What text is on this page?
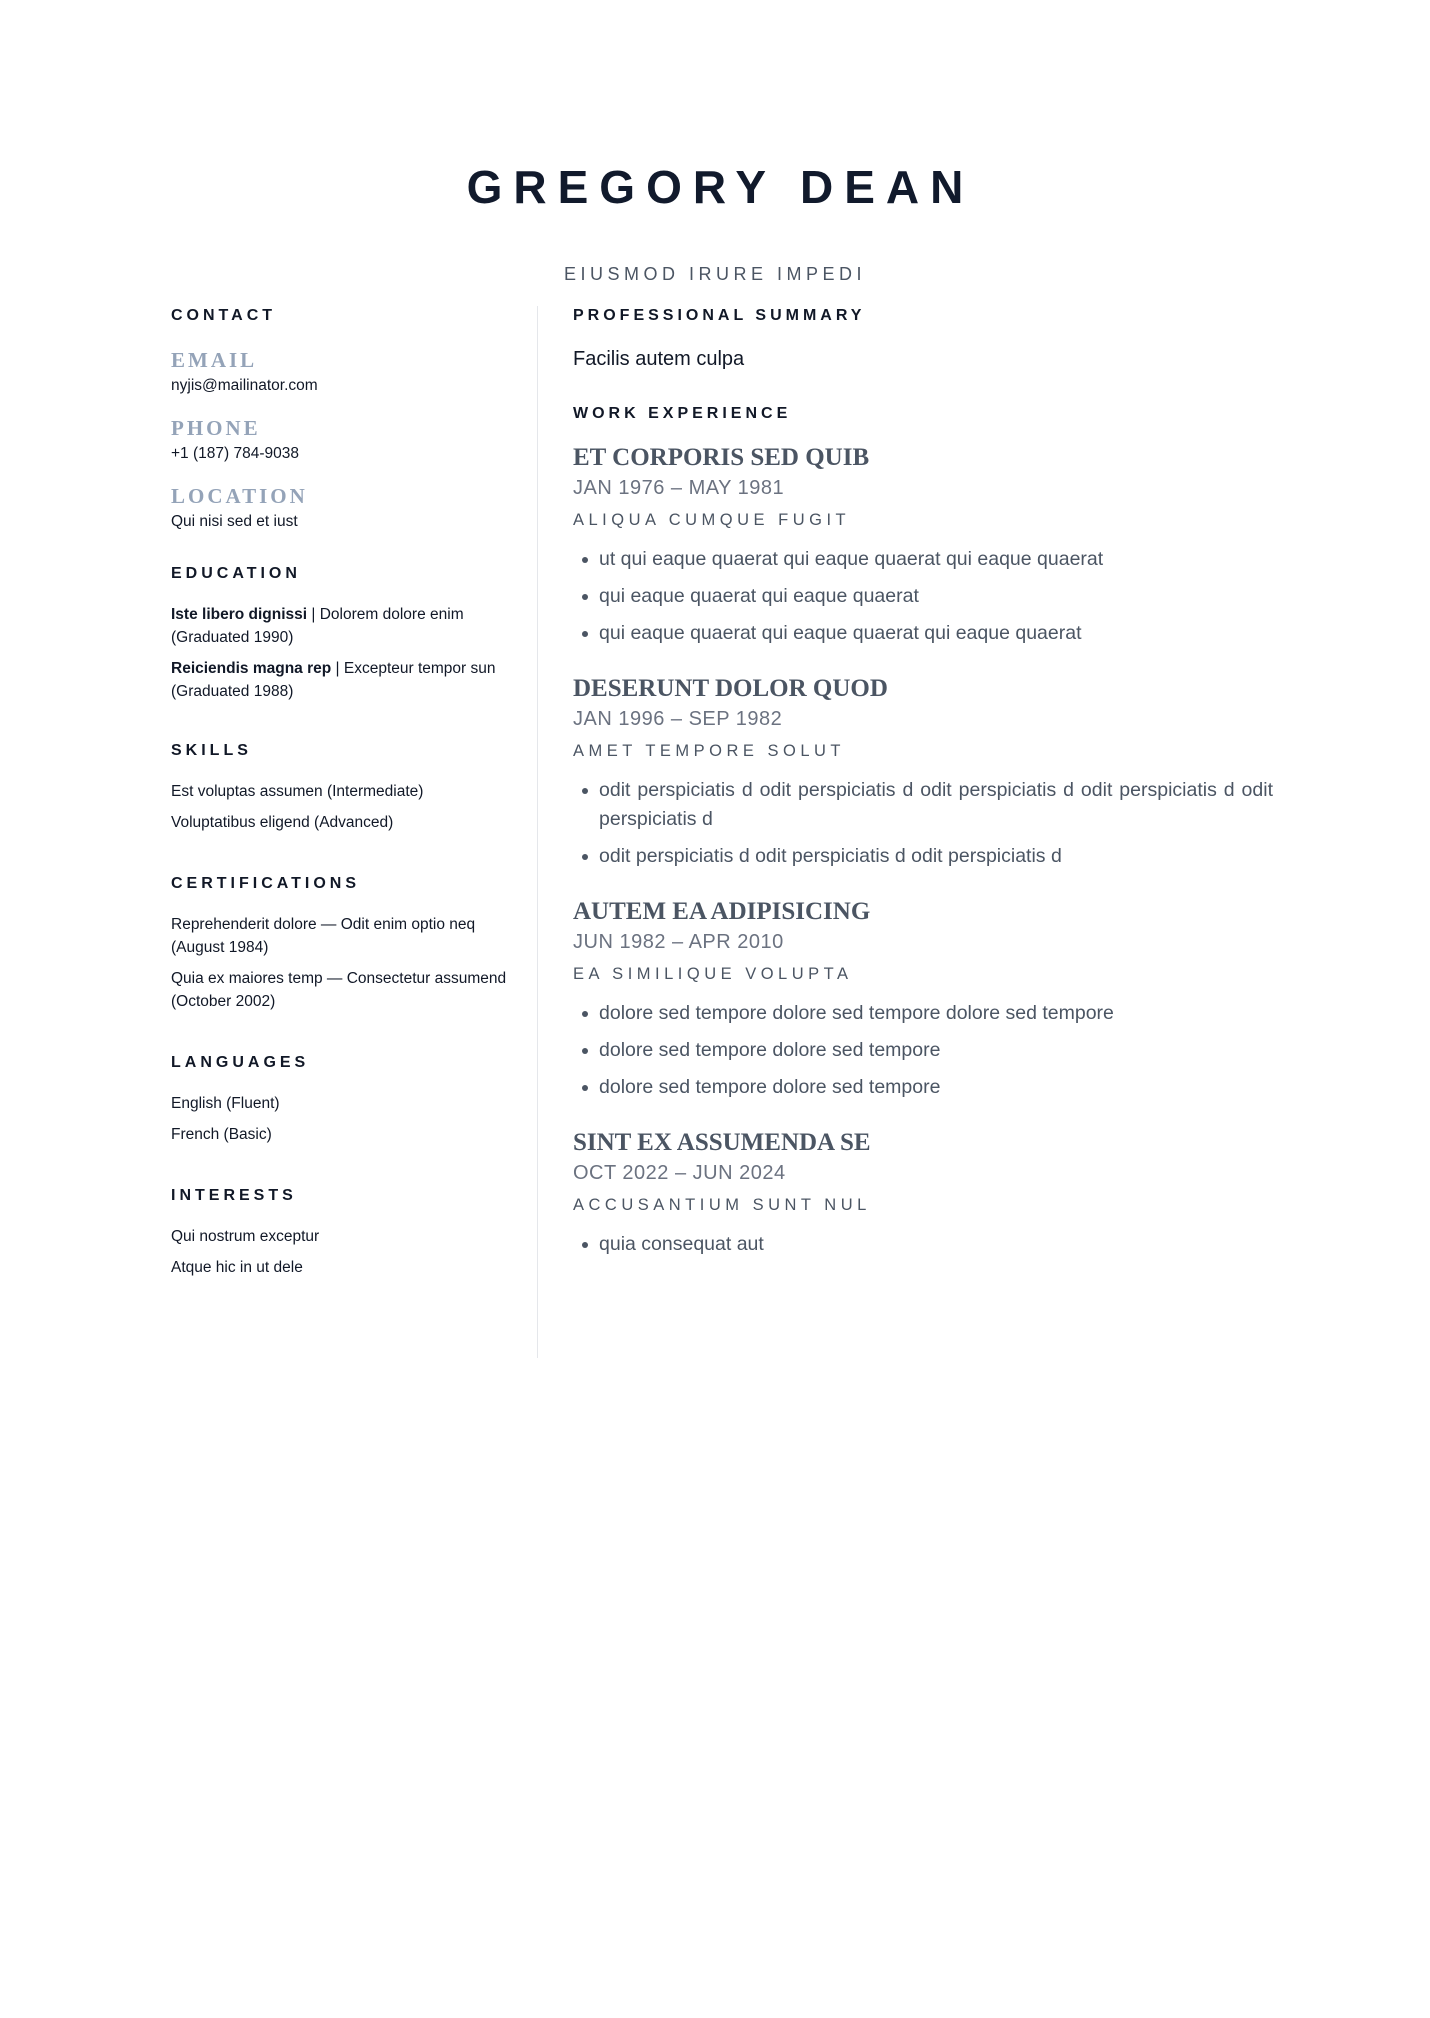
GREGORY DEAN
EIUSMOD IRURE IMPEDI
CONTACT
EMAIL
nyjis@mailinator.com
PHONE
+1 (187) 784-9038
LOCATION
Qui nisi sed et iust
EDUCATION
Iste libero dignissi | Dolorem dolore enim (Graduated 1990)
Reiciendis magna rep | Excepteur tempor sun (Graduated 1988)
SKILLS
Est voluptas assumen (Intermediate)
Voluptatibus eligend (Advanced)
CERTIFICATIONS
Reprehenderit dolore — Odit enim optio neq (August 1984)
Quia ex maiores temp — Consectetur assumend (October 2002)
LANGUAGES
English (Fluent)
French (Basic)
INTERESTS
Qui nostrum exceptur
Atque hic in ut dele
PROFESSIONAL SUMMARY
Facilis autem culpa
WORK EXPERIENCE
ET CORPORIS SED QUIB
JAN 1976 – MAY 1981
ALIQUA CUMQUE FUGIT
ut qui eaque quaerat qui eaque quaerat qui eaque quaerat
qui eaque quaerat qui eaque quaerat
qui eaque quaerat qui eaque quaerat qui eaque quaerat
DESERUNT DOLOR QUOD
JAN 1996 – SEP 1982
AMET TEMPORE SOLUT
odit perspiciatis d odit perspiciatis d odit perspiciatis d odit perspiciatis d odit perspiciatis d
odit perspiciatis d odit perspiciatis d odit perspiciatis d
AUTEM EA ADIPISICING
JUN 1982 – APR 2010
EA SIMILIQUE VOLUPTA
dolore sed tempore dolore sed tempore dolore sed tempore
dolore sed tempore dolore sed tempore
dolore sed tempore dolore sed tempore
SINT EX ASSUMENDA SE
OCT 2022 – JUN 2024
ACCUSANTIUM SUNT NUL
quia consequat aut
